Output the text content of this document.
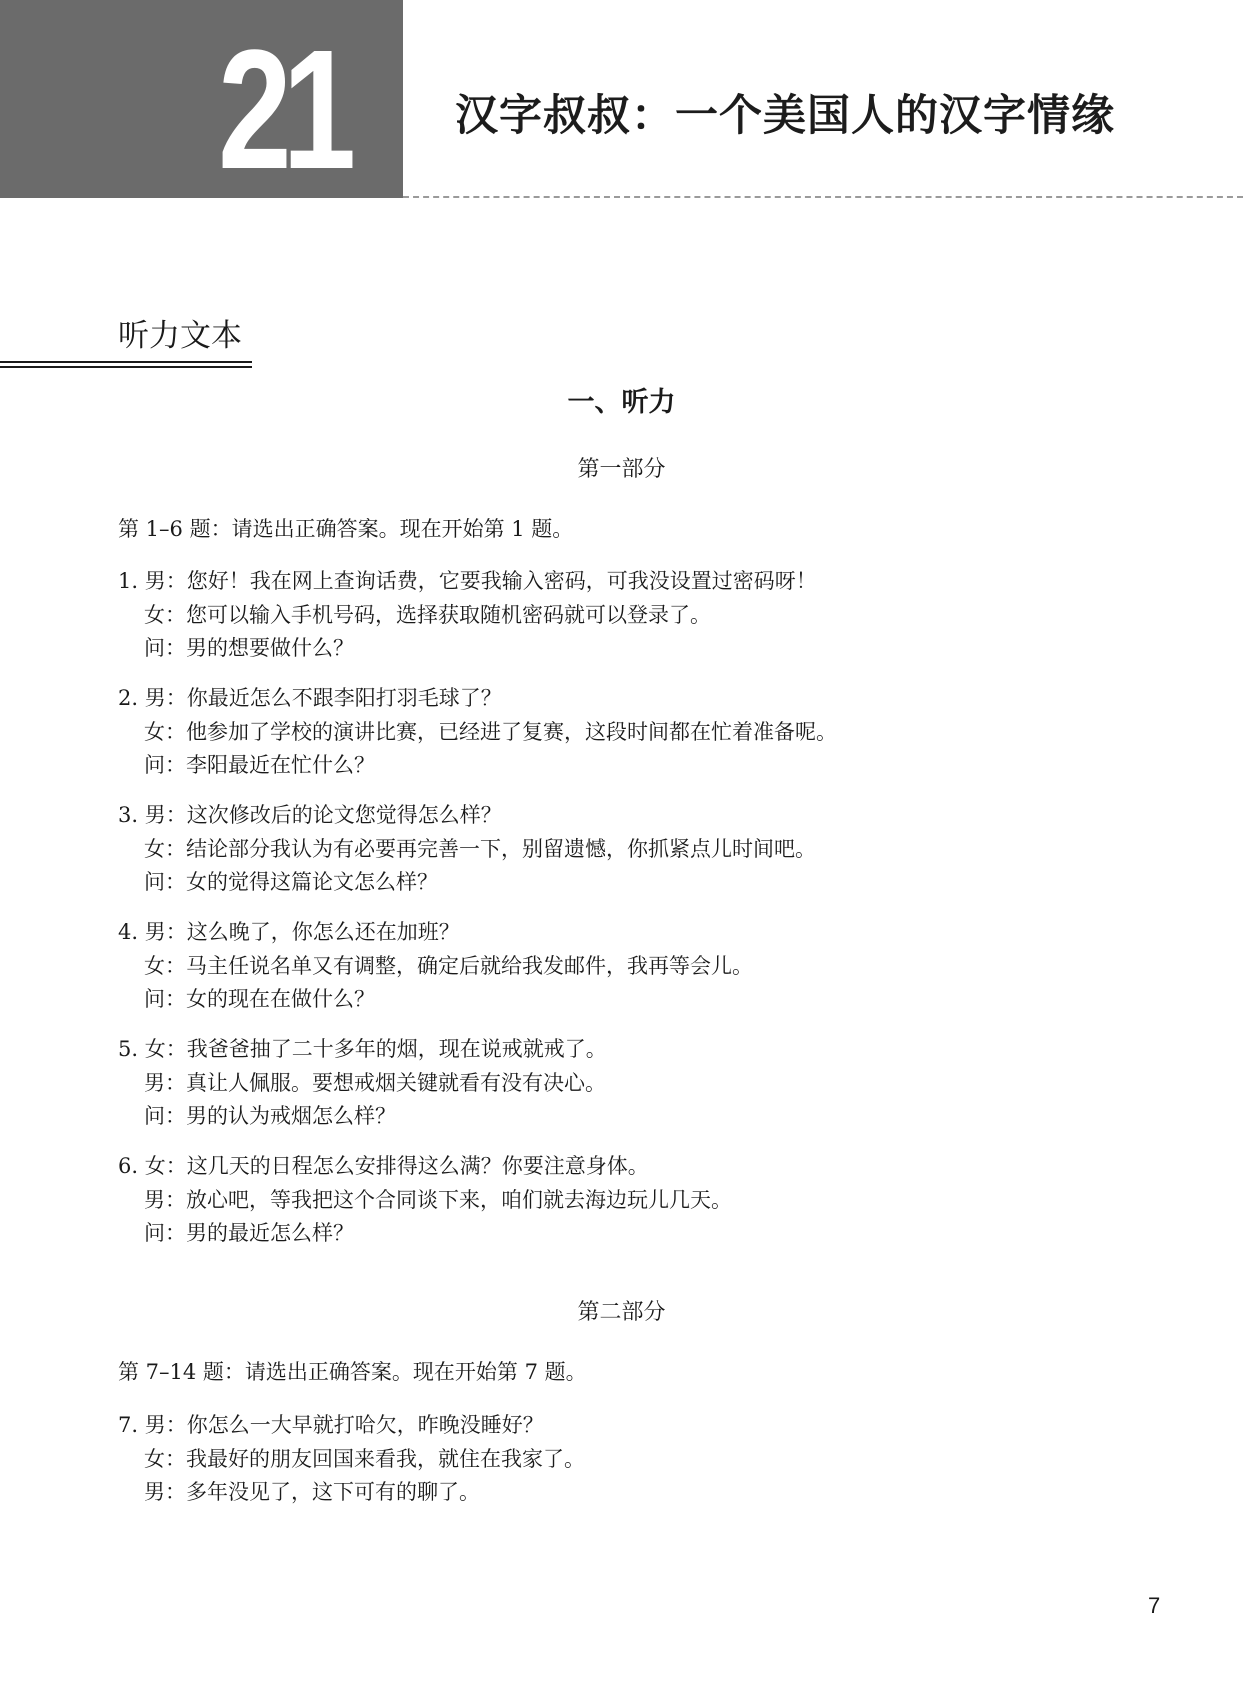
21	汉字叔叔：一个美国人的汉字情缘
听力文本
一、听力
第一部分
第 1–6 题：请选出正确答案。现在开始第 1 题。
1. 男：您好！我在网上查询话费，它要我输入密码，可我没设置过密码呀！
女：您可以输入手机号码，选择获取随机密码就可以登录了。
问：男的想要做什么？
2. 男：你最近怎么不跟李阳打羽毛球了？
女：他参加了学校的演讲比赛，已经进了复赛，这段时间都在忙着准备呢。
问：李阳最近在忙什么？
3. 男：这次修改后的论文您觉得怎么样？
女：结论部分我认为有必要再完善一下，别留遗憾，你抓紧点儿时间吧。
问：女的觉得这篇论文怎么样？
4. 男：这么晚了，你怎么还在加班？
女：马主任说名单又有调整，确定后就给我发邮件，我再等会儿。
问：女的现在在做什么？
5. 女：我爸爸抽了二十多年的烟，现在说戒就戒了。
男：真让人佩服。要想戒烟关键就看有没有决心。
问：男的认为戒烟怎么样？
6. 女：这几天的日程怎么安排得这么满？你要注意身体。
男：放心吧，等我把这个合同谈下来，咱们就去海边玩儿几天。
问：男的最近怎么样？
第二部分
第 7–14 题：请选出正确答案。现在开始第 7 题。
7. 男：你怎么一大早就打哈欠，昨晚没睡好？
女：我最好的朋友回国来看我，就住在我家了。
男：多年没见了，这下可有的聊了。
7
